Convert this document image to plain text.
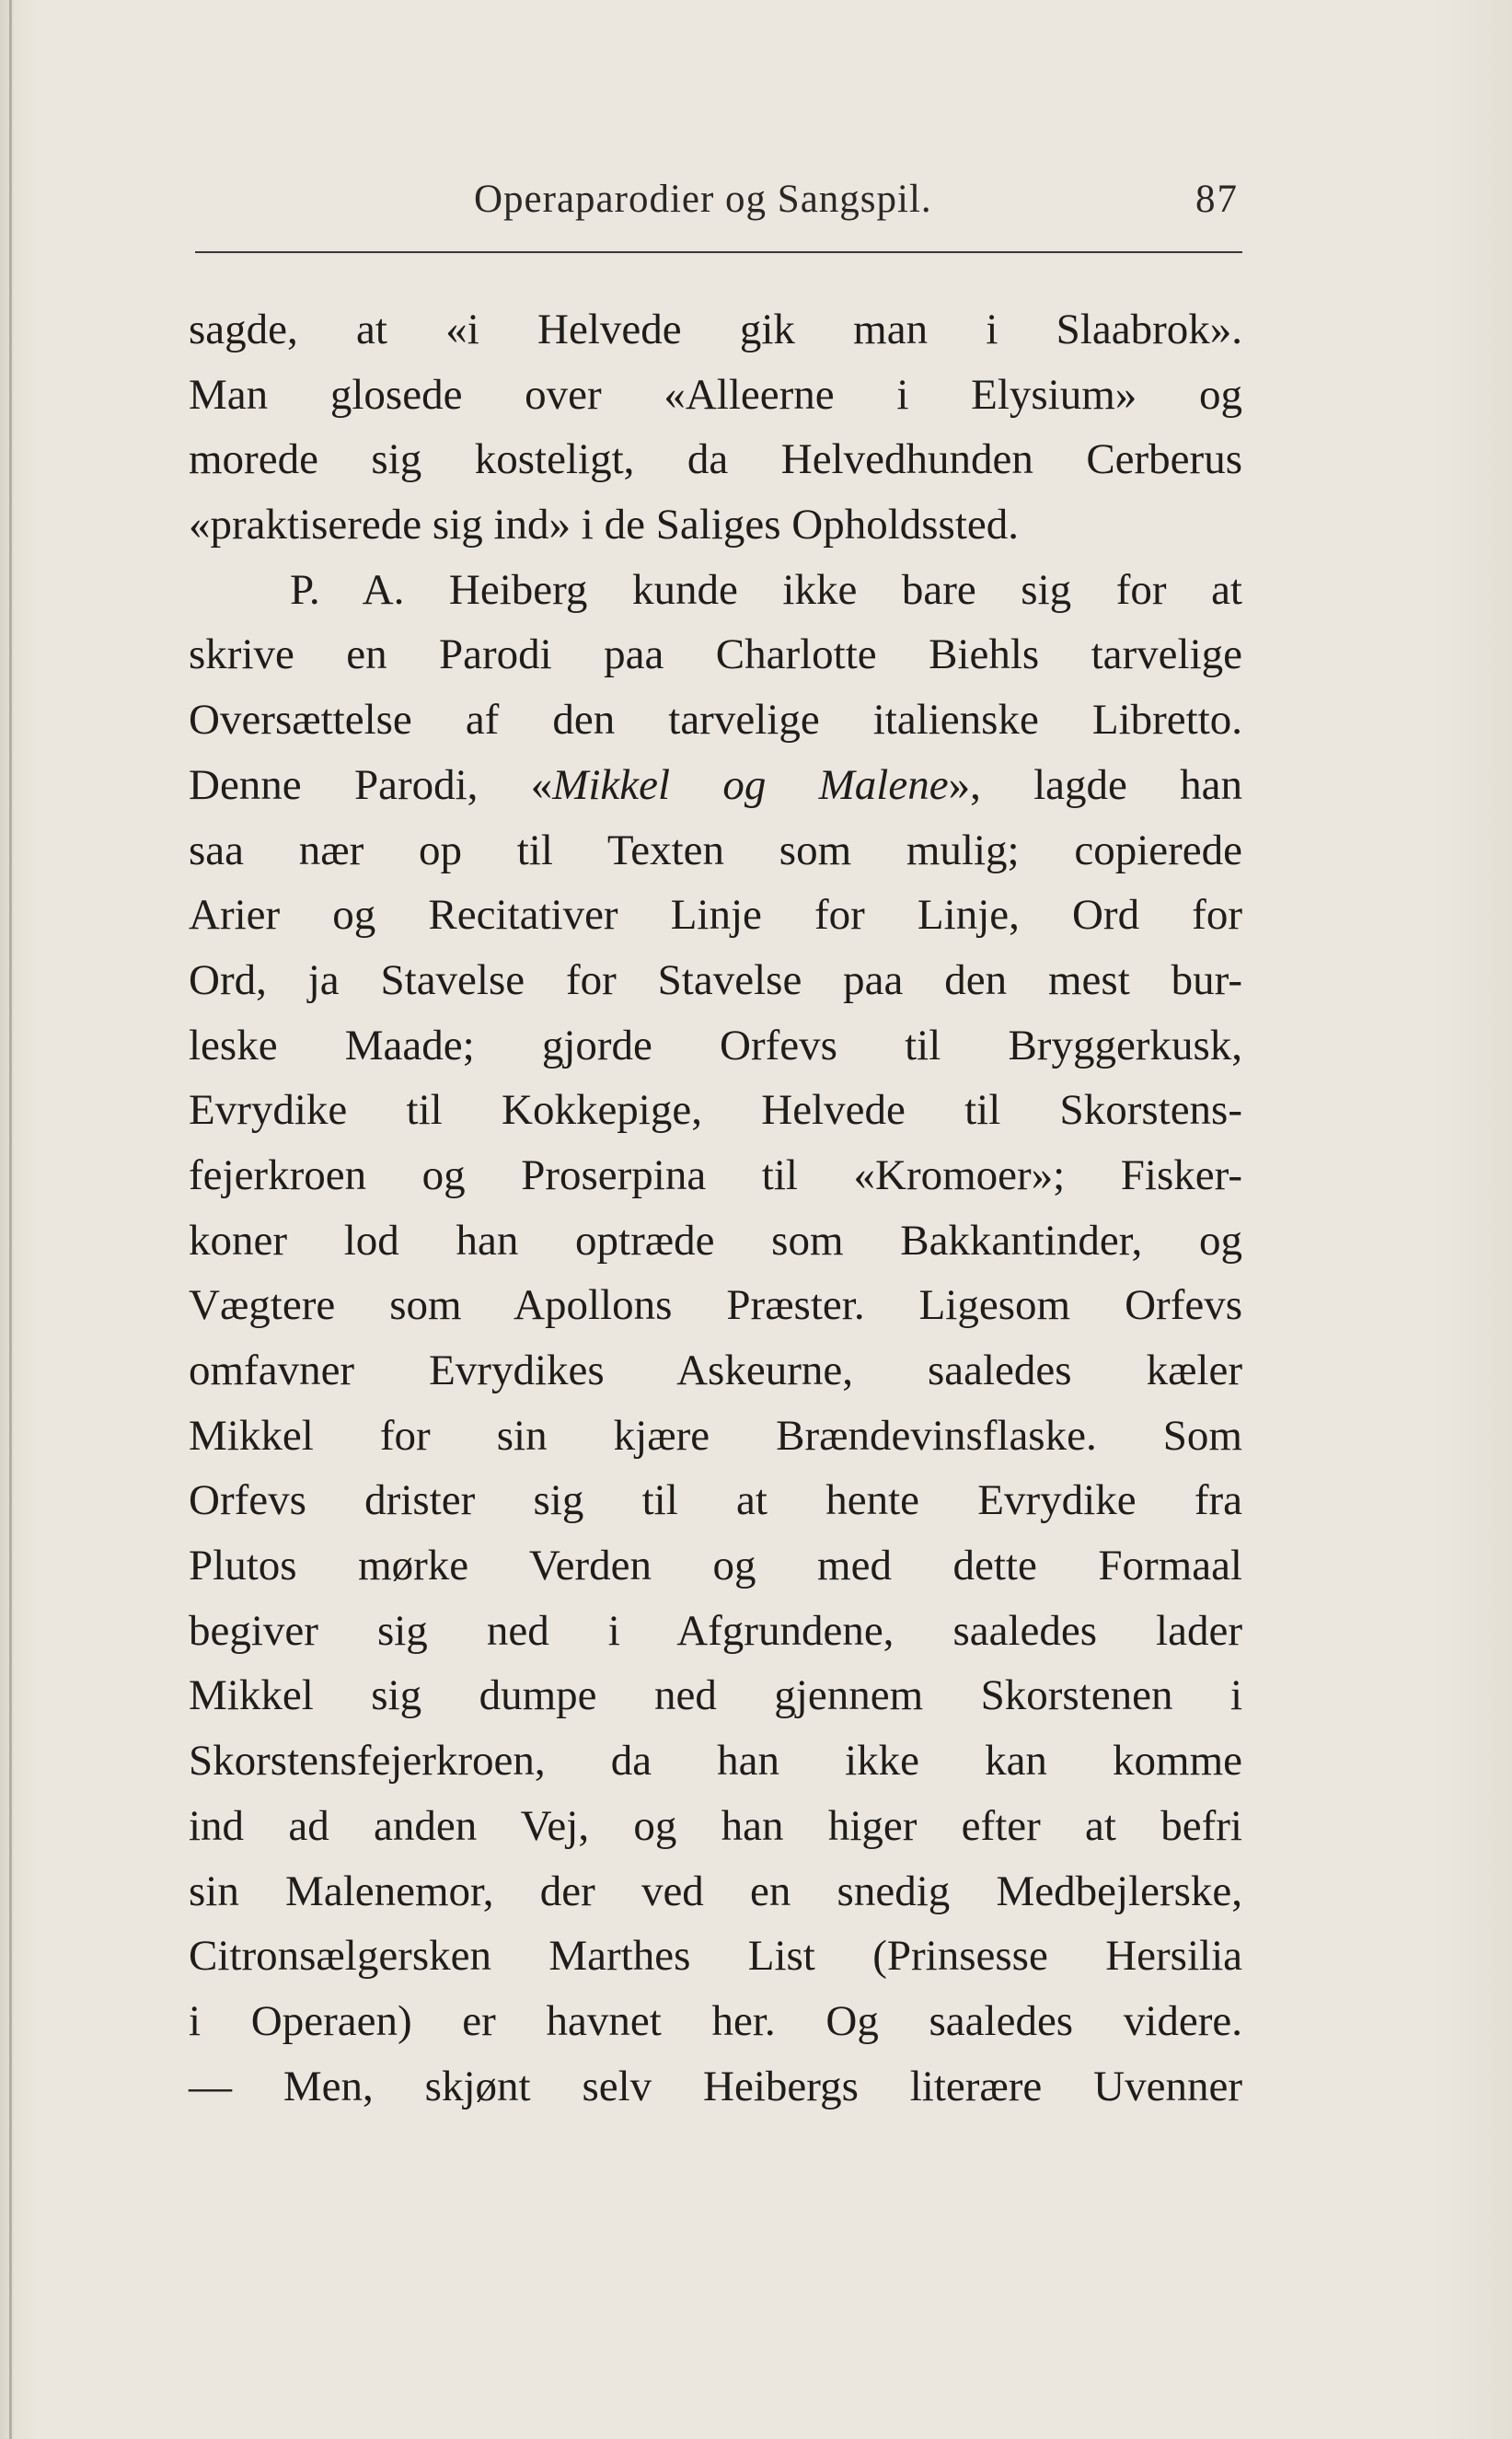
Operaparodier og Sangspil.	87
sagde, at «i Helvede gik man i Slaabrok».
Man glosede over «Alleerne i Elysium» og
morede sig kosteligt, da Helvedhunden Cerberus
«praktiserede sig ind» i de Saliges Opholdssted.
P. A. Heiberg kunde ikke bare sig for at
skrive en Parodi paa Charlotte Biehls tarvelige
Oversættelse af den tarvelige italienske Libretto.
Denne Parodi, «Mikkel og Malene», lagde han
saa nær op til Texten som mulig; copierede
Arier og Recitativer Linje for Linje, Ord for
Ord, ja Stavelse for Stavelse paa den mest bur-
leske Maade; gjorde Orfevs til Bryggerkusk,
Evrydike til Kokkepige, Helvede til Skorstens-
fejerkroen og Proserpina til «Kromoer»; Fisker-
koner lod han optræde som Bakkantinder, og
Vægtere som Apollons Præster. Ligesom Orfevs
omfavner Evrydikes Askeurne, saaledes kæler
Mikkel for sin kjære Brændevinsflaske. Som
Orfevs drister sig til at hente Evrydike fra
Plutos mørke Verden og med dette Formaal
begiver sig ned i Afgrundene, saaledes lader
Mikkel sig dumpe ned gjennem Skorstenen i
Skorstensfejerkroen, da han ikke kan komme
ind ad anden Vej, og han higer efter at befri
sin Malenemor, der ved en snedig Medbejlerske,
Citronsælgersken Marthes List (Prinsesse Hersilia
i Operaen) er havnet her. Og saaledes videre.
— Men, skjønt selv Heibergs literære Uvenner
